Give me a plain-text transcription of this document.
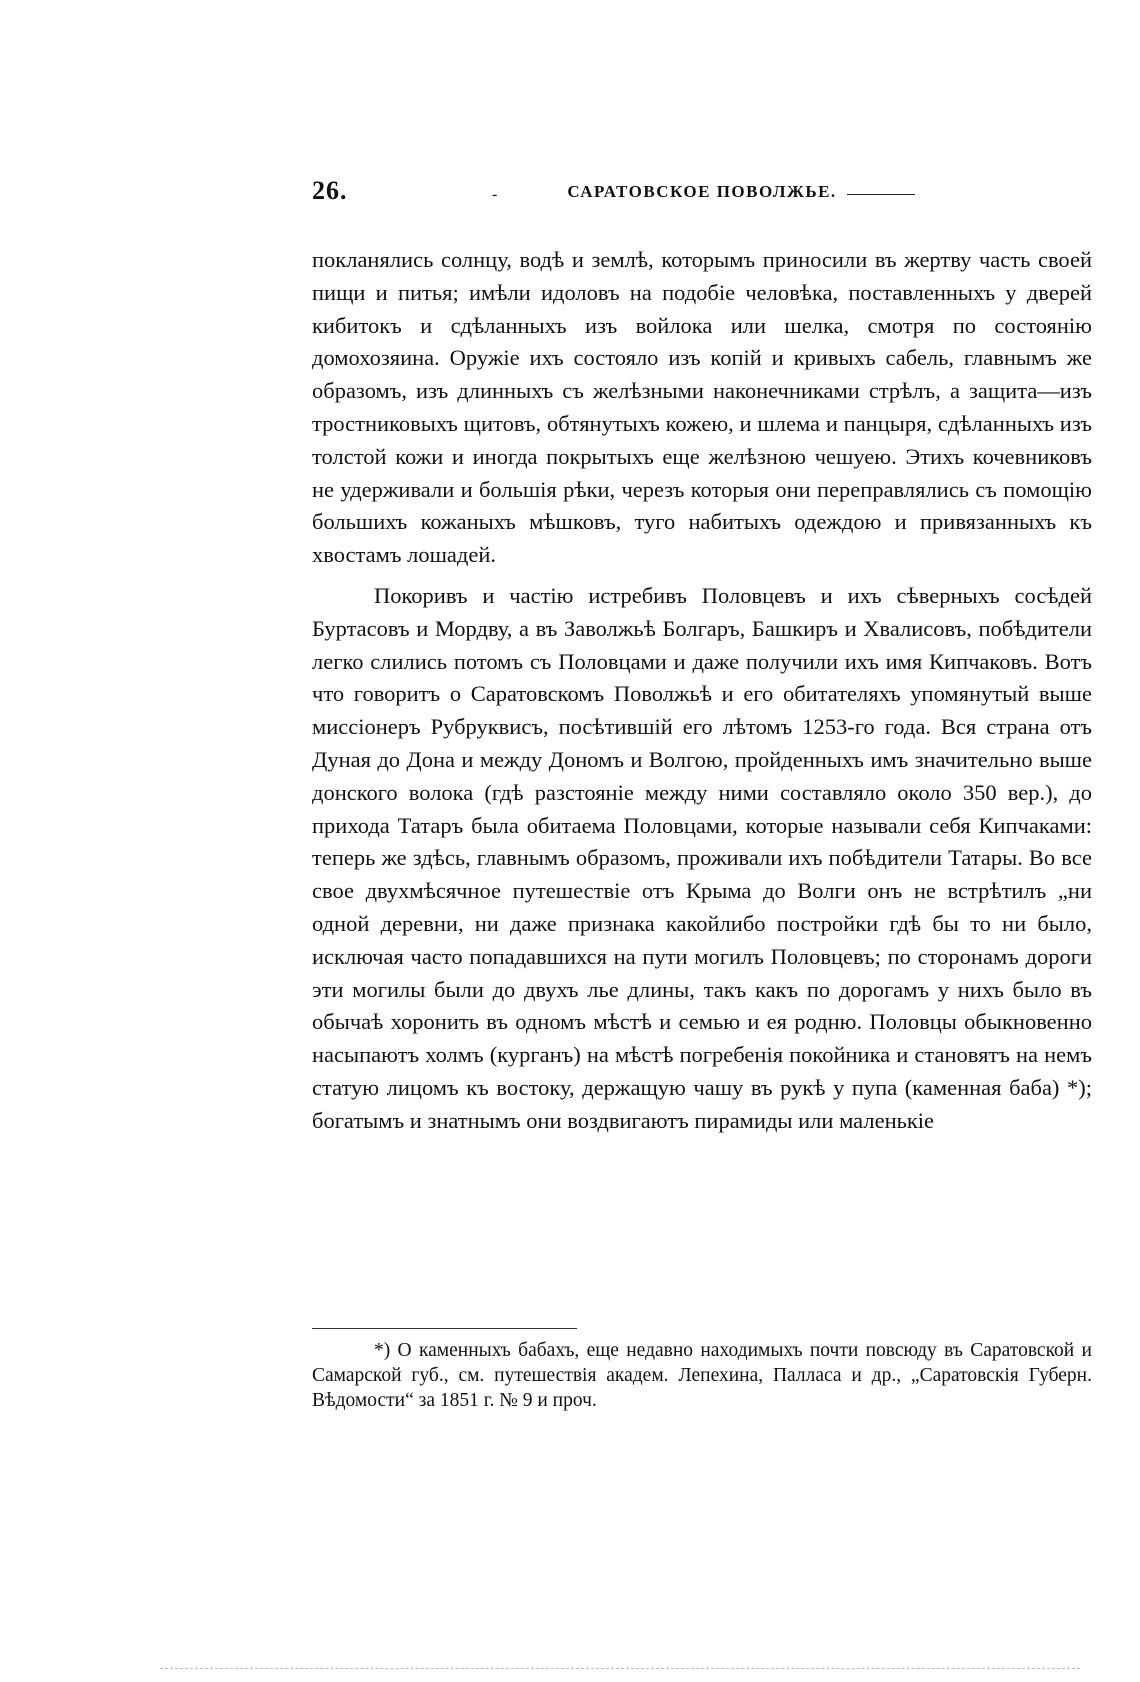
26.	-	САРАТОВСКОЕ ПОВОЛЖЬЕ.

покланялись солнцу, водѣ и землѣ, которымъ приносили въ жертву часть своей пищи и питья; имѣли идоловъ на подобіе человѣка, поставленныхъ у дверей кибитокъ и сдѣланныхъ изъ войлока или шелка, смотря по состоянію домохозяина. Оружіе ихъ состояло изъ копій и кривыхъ сабель, главнымъ же образомъ, изъ длинныхъ съ желѣзными наконечниками стрѣлъ, а защита—изъ тростниковыхъ щитовъ, обтянутыхъ кожею, и шлема и панцыря, сдѣланныхъ изъ толстой кожи и иногда покрытыхъ еще желѣзною чешуею. Этихъ кочевниковъ не удерживали и большія рѣки, черезъ которыя они переправлялись съ помощію большихъ кожаныхъ мѣшковъ, туго набитыхъ одеждою и привязанныхъ къ хвостамъ лошадей.

Покоривъ и частію истребивъ Половцевъ и ихъ сѣверныхъ сосѣдей Буртасовъ и Мордву, а въ Заволжьѣ Болгаръ, Башкиръ и Хвалисовъ, побѣдители легко слились потомъ съ Половцами и даже получили ихъ имя Кипчаковъ. Вотъ что говоритъ о Саратовскомъ Поволжьѣ и его обитателяхъ упомянутый выше миссіонеръ Рубруквисъ, посѣтившій его лѣтомъ 1253-го года. Вся страна отъ Дуная до Дона и между Дономъ и Волгою, пройденныхъ имъ значительно выше донского волока (гдѣ разстояніе между ними составляло около 350 вер.), до прихода Татаръ была обитаема Половцами, которые называли себя Кипчаками: теперь же здѣсь, главнымъ образомъ, проживали ихъ побѣдители Татары. Во все свое двухмѣсячное путешествіе отъ Крыма до Волги онъ не встрѣтилъ „ни одной деревни, ни даже признака какойлибо постройки гдѣ бы то ни было, исключая часто попадавшихся на пути могилъ Половцевъ; по сторонамъ дороги эти могилы были до двухъ лье длины, такъ какъ по дорогамъ у нихъ было въ обычаѣ хоронить въ одномъ мѣстѣ и семью и ея родню. Половцы обыкновенно насыпаютъ холмъ (курганъ) на мѣстѣ погребенія покойника и становятъ на немъ статую лицомъ къ востоку, держащую чашу въ рукѣ у пупа (каменная баба) *); богатымъ и знатнымъ они воздвигаютъ пирамиды или маленькіе

*) О каменныхъ бабахъ, еще недавно находимыхъ почти повсюду въ Саратовской и Самарской губ., см. путешествія академ. Лепехина, Палласа и др., „Саратовскія Губерн. Вѣдомости“ за 1851 г. № 9 и проч.
